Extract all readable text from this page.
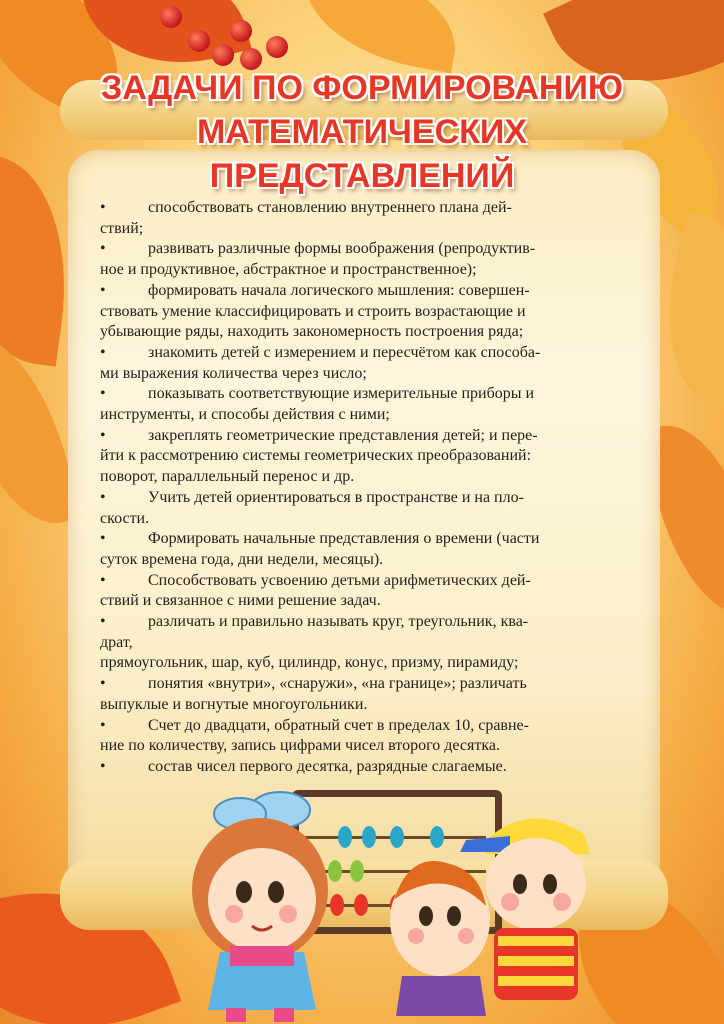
ЗАДАЧИ ПО ФОРМИРОВАНИЮ
МАТЕМАТИЧЕСКИХ
ПРЕДСТАВЛЕНИЙ

• способствовать становлению внутреннего плана дей-

ствий;

• развивать различные формы воображения (репродуктив-

ное и продуктивное, абстрактное и пространственное);

• формировать начала логического мышления: совершен-

ствовать умение классифицировать и строить возрастающие и

убывающие ряды, находить закономерность построения ряда;

• знакомить детей с измерением и пересчётом как способа-

ми выражения количества через число;

• показывать соответствующие измерительные приборы и

инструменты, и способы действия с ними;

• закреплять геометрические представления детей; и пере-

йти к рассмотрению системы геометрических преобразований:

поворот, параллельный перенос и др.

• Учить детей ориентироваться в пространстве и на пло-

скости.

• Формировать начальные представления о времени (части

суток времена года, дни недели, месяцы).

• Способствовать усвоению детьми арифметических дей-

ствий и связанное с ними решение задач.

• различать и правильно называть круг, треугольник, ква-

драт,

прямоугольник, шар, куб, цилиндр, конус, призму, пирамиду;

• понятия «внутри», «снаружи», «на границе»; различать

выпуклые и вогнутые многоугольники.

• Счет до двадцати, обратный счет в пределах 10, сравне-

ние по количеству, запись цифрами чисел второго десятка.

• состав чисел первого десятка, разрядные слагаемые.
